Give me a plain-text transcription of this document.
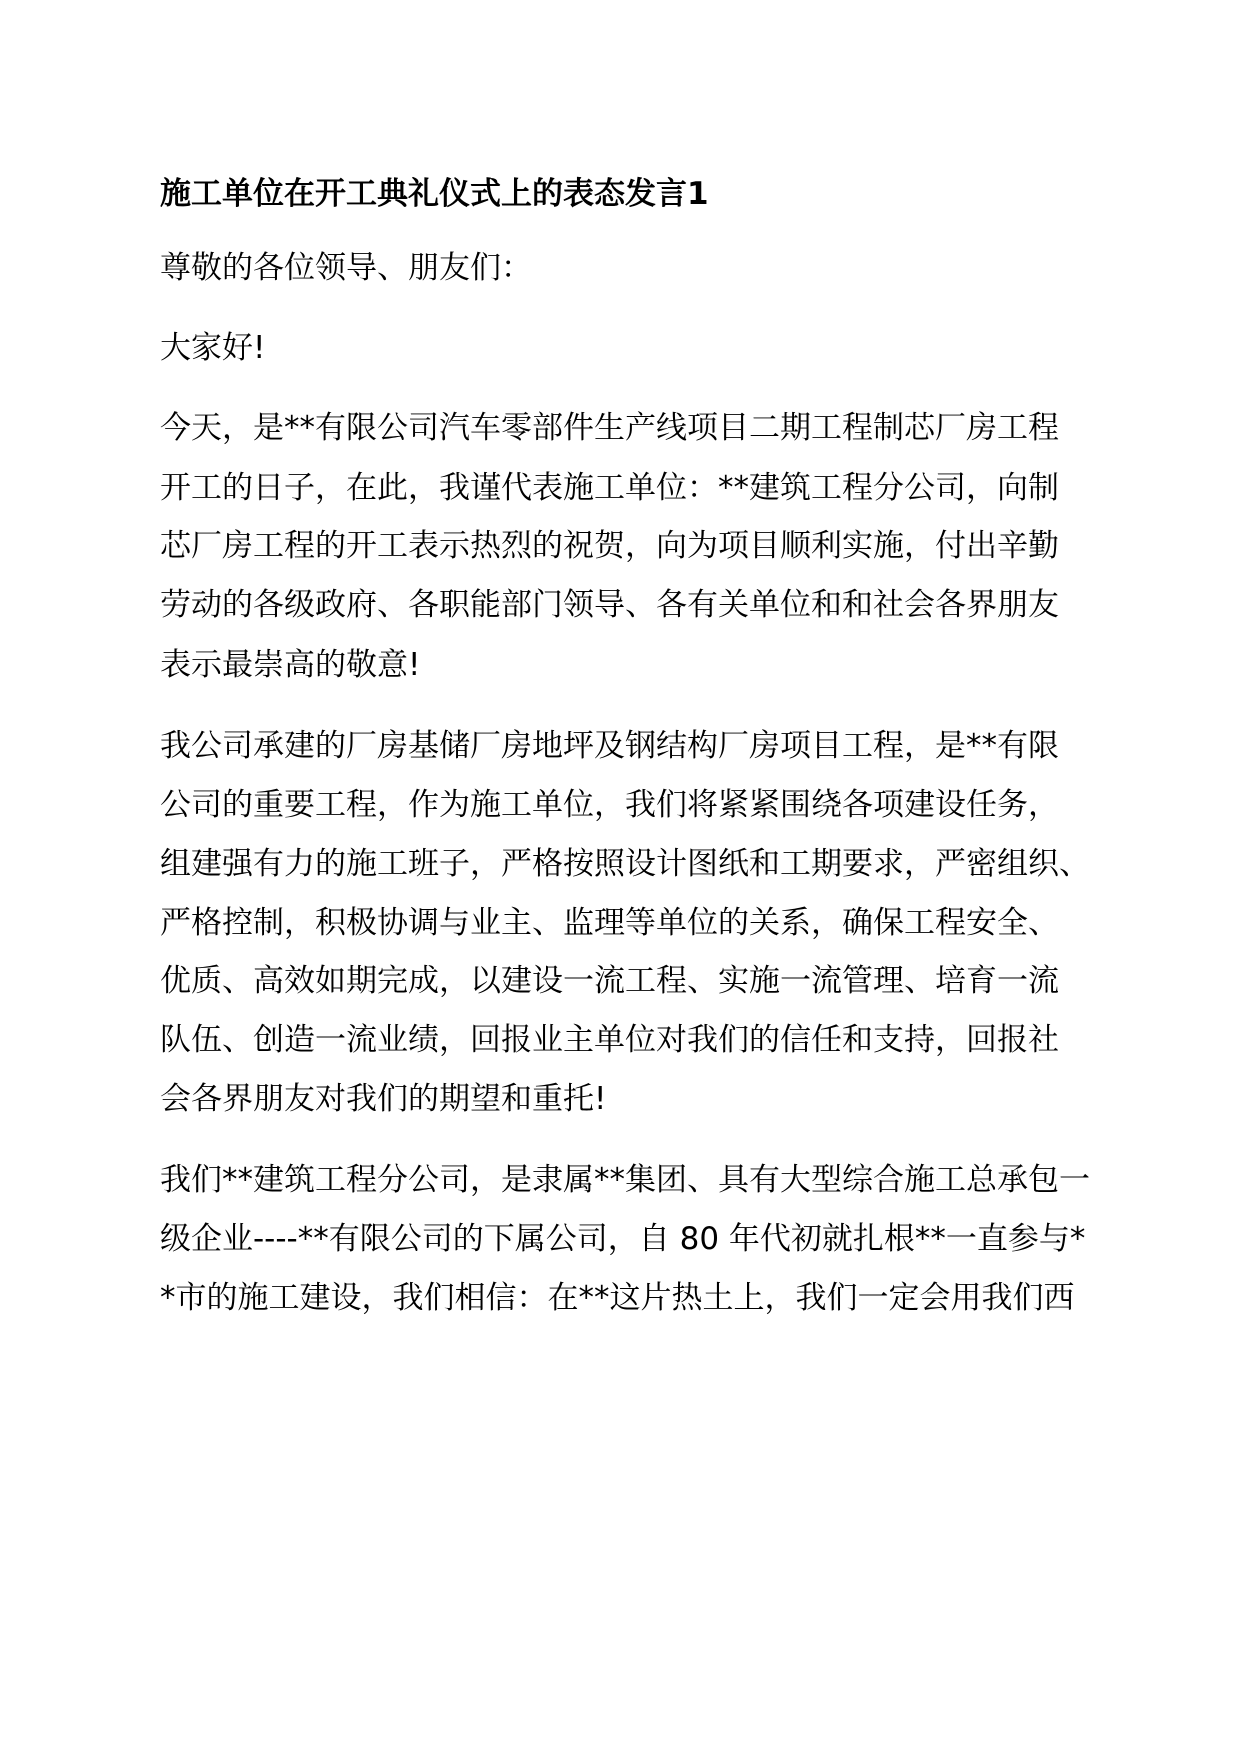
施工单位在开工典礼仪式上的表态发言1

尊敬的各位领导、朋友们：

大家好!

今天，是**有限公司汽车零部件生产线项目二期工程制芯厂房工程

开工的日子，在此，我谨代表施工单位：**建筑工程分公司，向制

芯厂房工程的开工表示热烈的祝贺，向为项目顺利实施，付出辛勤

劳动的各级政府、各职能部门领导、各有关单位和和社会各界朋友

表示最崇高的敬意!

我公司承建的厂房基储厂房地坪及钢结构厂房项目工程，是**有限

公司的重要工程，作为施工单位，我们将紧紧围绕各项建设任务，

组建强有力的施工班子，严格按照设计图纸和工期要求，严密组织、

严格控制，积极协调与业主、监理等单位的关系，确保工程安全、

优质、高效如期完成，以建设一流工程、实施一流管理、培育一流

队伍、创造一流业绩，回报业主单位对我们的信任和支持，回报社

会各界朋友对我们的期望和重托!

我们**建筑工程分公司，是隶属**集团、具有大型综合施工总承包一

级企业----**有限公司的下属公司，自 80 年代初就扎根**一直参与*

*市的施工建设，我们相信：在**这片热土上，我们一定会用我们西
